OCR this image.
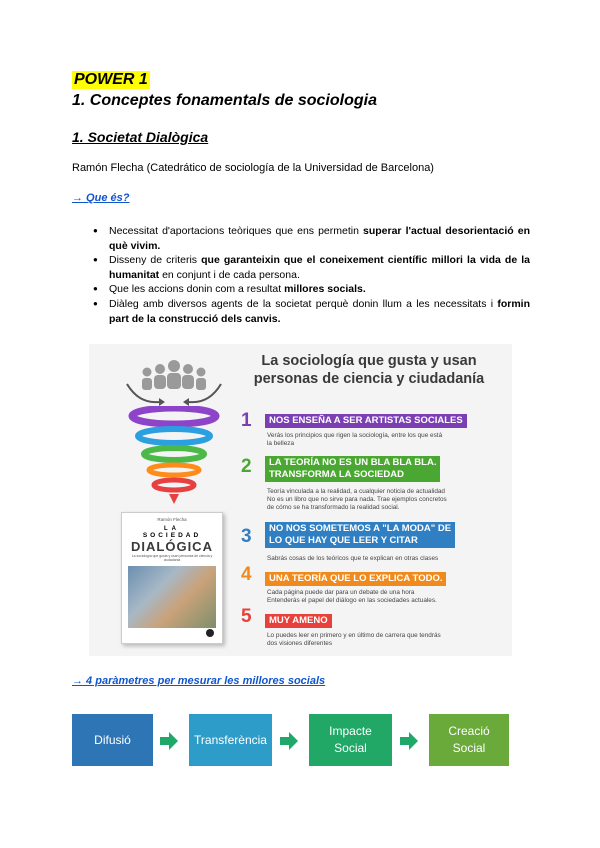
POWER 1
1. Conceptes fonamentals de sociologia
1. Societat Dialògica
Ramón Flecha (Catedrático de sociología de la Universidad de Barcelona)
→ Que és?
● Necessitat d'aportacions teòriques que ens permetin superar l'actual desorientació en què vivim.
● Disseny de criteris que garanteixin que el coneixement científic millori la vida de la humanitat en conjunt i de cada persona.
● Que les accions donin com a resultat millores socials.
● Diàleg amb diversos agents de la societat perquè donin llum a les necessitats i formin part de la construcció dels canvis.
La sociología que gusta y usan personas de ciencia y ciudadanía
Ramón Flecha
LA
SOCIEDAD
DIALÓGICA
La sociología que gusta y usan personas de ciencia y ciudadanía
1	NOS ENSEÑA A SER ARTISTAS SOCIALES
Verás los principios que rigen la sociología, entre los que está
la belleza
2 LA TEORÍA NO ES UN BLA BLA BLA.
TRANSFORMA LA SOCIEDAD
Teoría vinculada a la realidad, a cualquier noticia de actualidad
No es un libro que no sirve para nada. Trae ejemplos concretos
de cómo se ha transformado la realidad social.
3 NO NOS SOMETEMOS A "LA MODA" DE
LO QUE HAY QUE LEER Y CITAR
Sabrás cosas de los teóricos que te explican en otras clases
4	UNA TEORÍA QUE LO EXPLICA TODO.
Cada página puede dar para un debate de una hora
Entenderás el papel del diálogo en las sociedades actuales.
5	MUY AMENO
Lo puedes leer en primero y en último de carrera que tendrás
dos visiones diferentes
→ 4 paràmetres per mesurar les millores socials
Difusió	Transferència
Impacte
Social
Creació
Social
